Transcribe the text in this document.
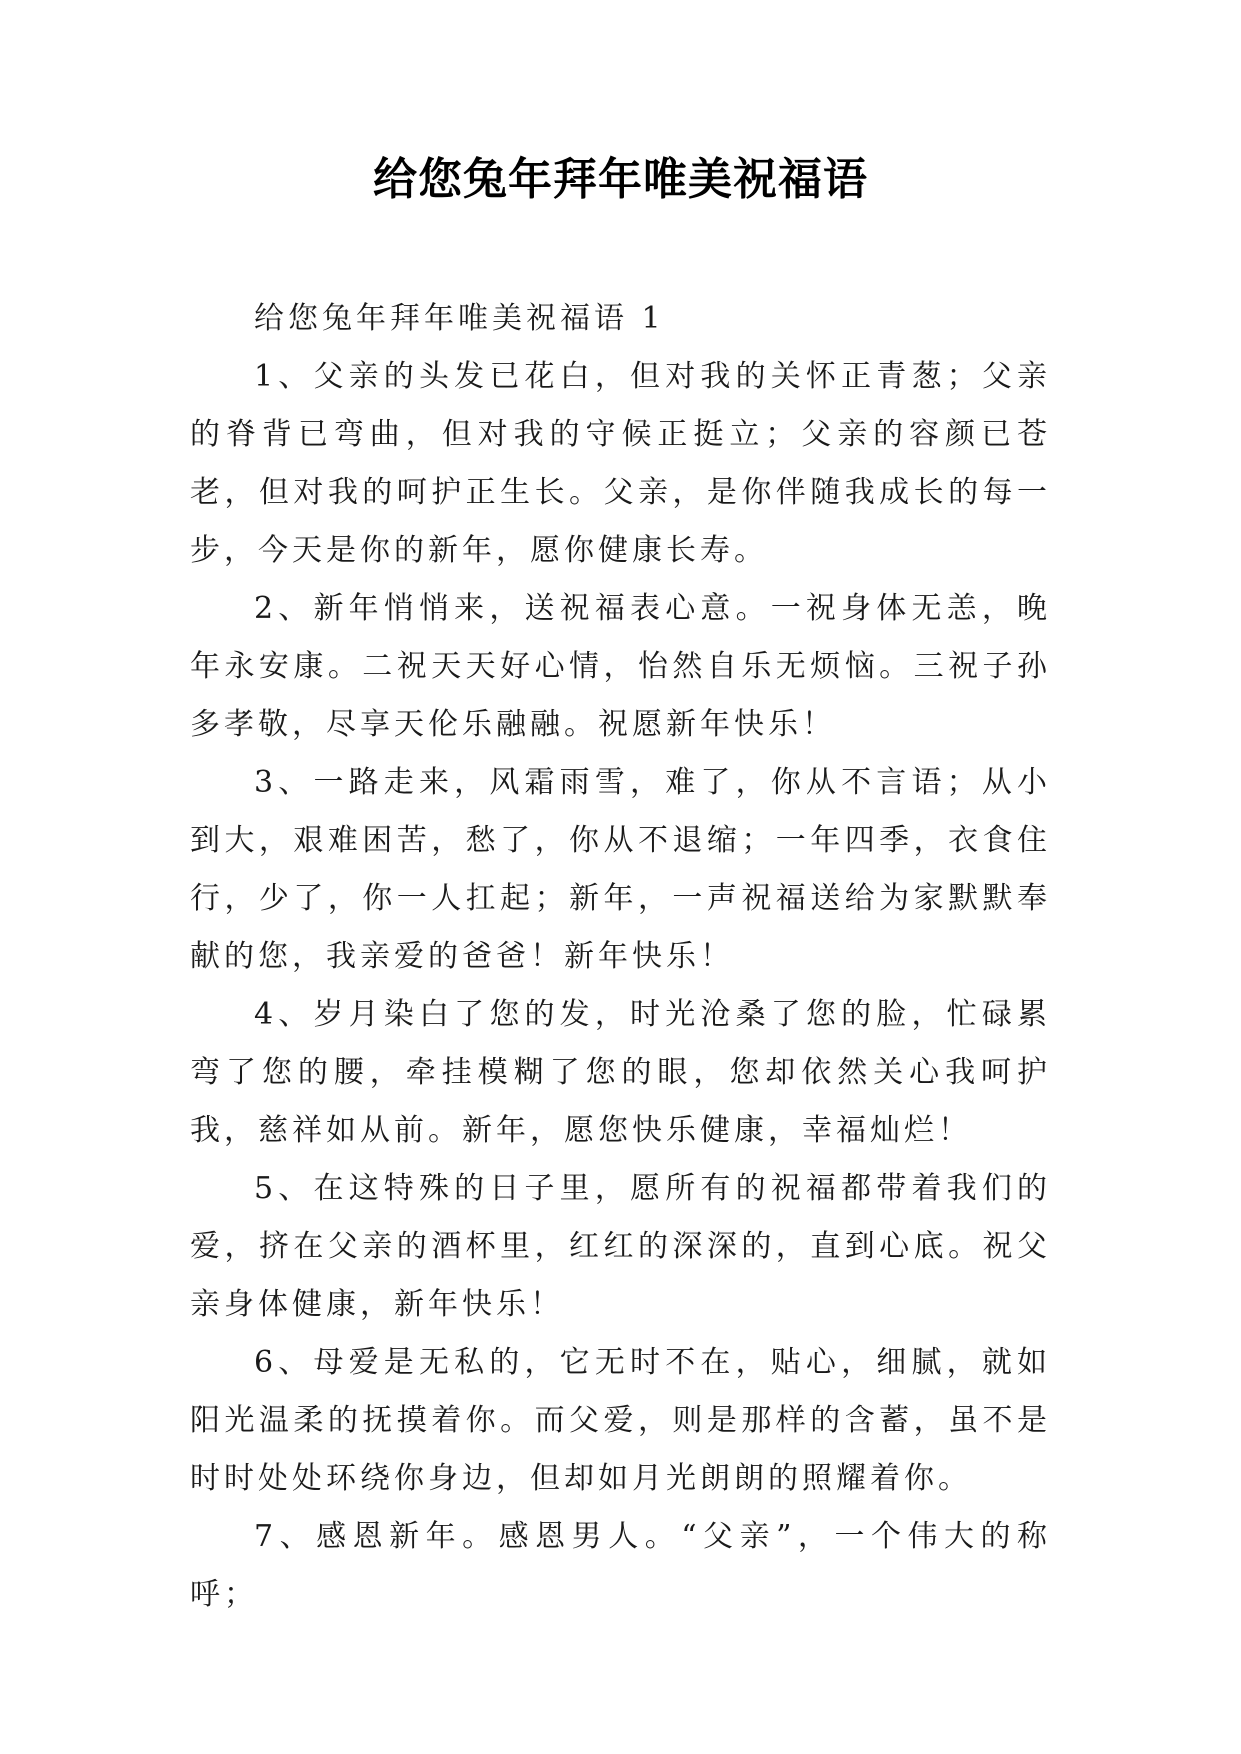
给您兔年拜年唯美祝福语

给您兔年拜年唯美祝福语 1

1、父亲的头发已花白，但对我的关怀正青葱；父亲的脊背已弯曲，但对我的守候正挺立；父亲的容颜已苍老，但对我的呵护正生长。父亲，是你伴随我成长的每一步，今天是你的新年，愿你健康长寿。

2、新年悄悄来，送祝福表心意。一祝身体无恙，晚年永安康。二祝天天好心情，怡然自乐无烦恼。三祝子孙多孝敬，尽享天伦乐融融。祝愿新年快乐！

3、一路走来，风霜雨雪，难了，你从不言语；从小到大，艰难困苦，愁了，你从不退缩；一年四季，衣食住行，少了，你一人扛起；新年，一声祝福送给为家默默奉献的您，我亲爱的爸爸！新年快乐！

4、岁月染白了您的发，时光沧桑了您的脸，忙碌累弯了您的腰，牵挂模糊了您的眼，您却依然关心我呵护我，慈祥如从前。新年，愿您快乐健康，幸福灿烂！

5、在这特殊的日子里，愿所有的祝福都带着我们的爱，挤在父亲的酒杯里，红红的深深的，直到心底。祝父亲身体健康，新年快乐！

6、母爱是无私的，它无时不在，贴心，细腻，就如阳光温柔的抚摸着你。而父爱，则是那样的含蓄，虽不是时时处处环绕你身边，但却如月光朗朗的照耀着你。

7、感恩新年。感恩男人。“父亲”，一个伟大的称呼；
